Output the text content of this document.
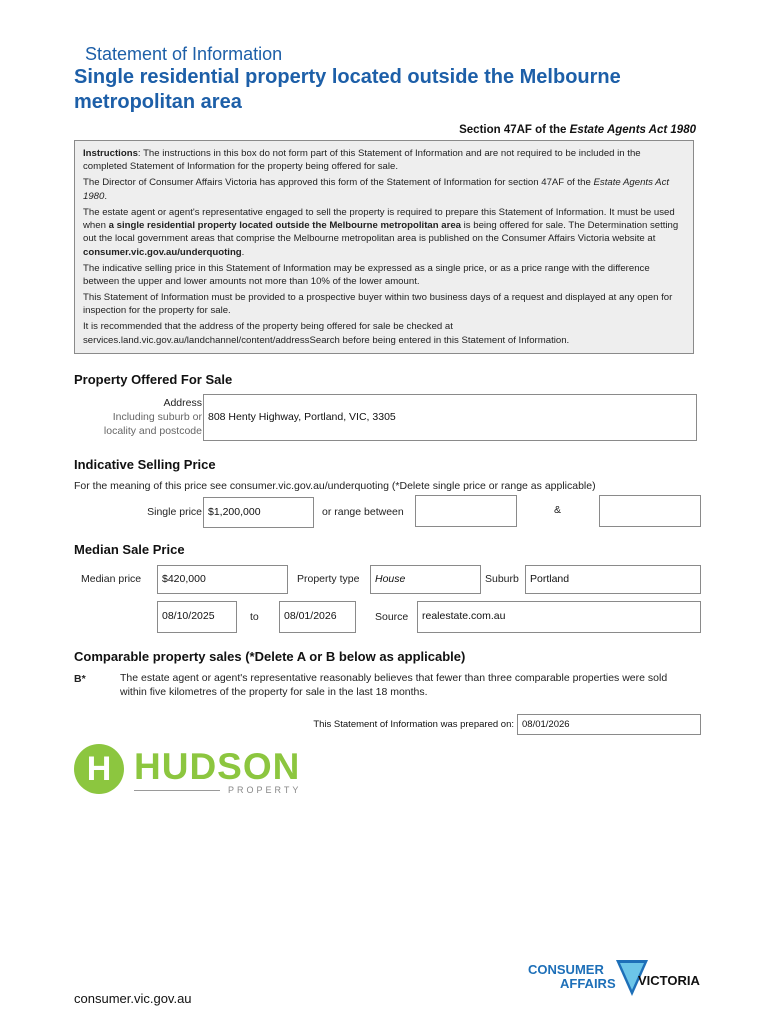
Statement of Information
Single residential property located outside the Melbourne metropolitan area
Section 47AF of the Estate Agents Act 1980

Instructions: The instructions in this box do not form part of this Statement of Information and are not required to be included in the completed Statement of Information for the property being offered for sale.

The Director of Consumer Affairs Victoria has approved this form of the Statement of Information for section 47AF of the Estate Agents Act 1980.

The estate agent or agent's representative engaged to sell the property is required to prepare this Statement of Information. It must be used when a single residential property located outside the Melbourne metropolitan area is being offered for sale. The Determination setting out the local government areas that comprise the Melbourne metropolitan area is published on the Consumer Affairs Victoria website at consumer.vic.gov.au/underquoting.

The indicative selling price in this Statement of Information may be expressed as a single price, or as a price range with the difference between the upper and lower amounts not more than 10% of the lower amount.

This Statement of Information must be provided to a prospective buyer within two business days of a request and displayed at any open for inspection for the property for sale.

It is recommended that the address of the property being offered for sale be checked at services.land.vic.gov.au/landchannel/content/addressSearch before being entered in this Statement of Information.

Property Offered For Sale
Address
Including suburb or
locality and postcode
808 Henty Highway, Portland, VIC, 3305
Indicative Selling Price
For the meaning of this price see consumer.vic.gov.au/underquoting (*Delete single price or range as applicable)
Single price $1,200,000	or range between	&
Median Sale Price
Median price	$420,000	Property type	House	Suburb	Portland
08/10/2025	to	08/01/2026	Source	realestate.com.au
Comparable property sales (*Delete A or B below as applicable)
B*	The estate agent or agent's representative reasonably believes that fewer than three comparable properties were sold within five kilometres of the property for sale in the last 18 months.
This Statement of Information was prepared on: 08/01/2026
H HUDSON
PROPERTY
CONSUMER
AFFAIRS VICTORIA
consumer.vic.gov.au
